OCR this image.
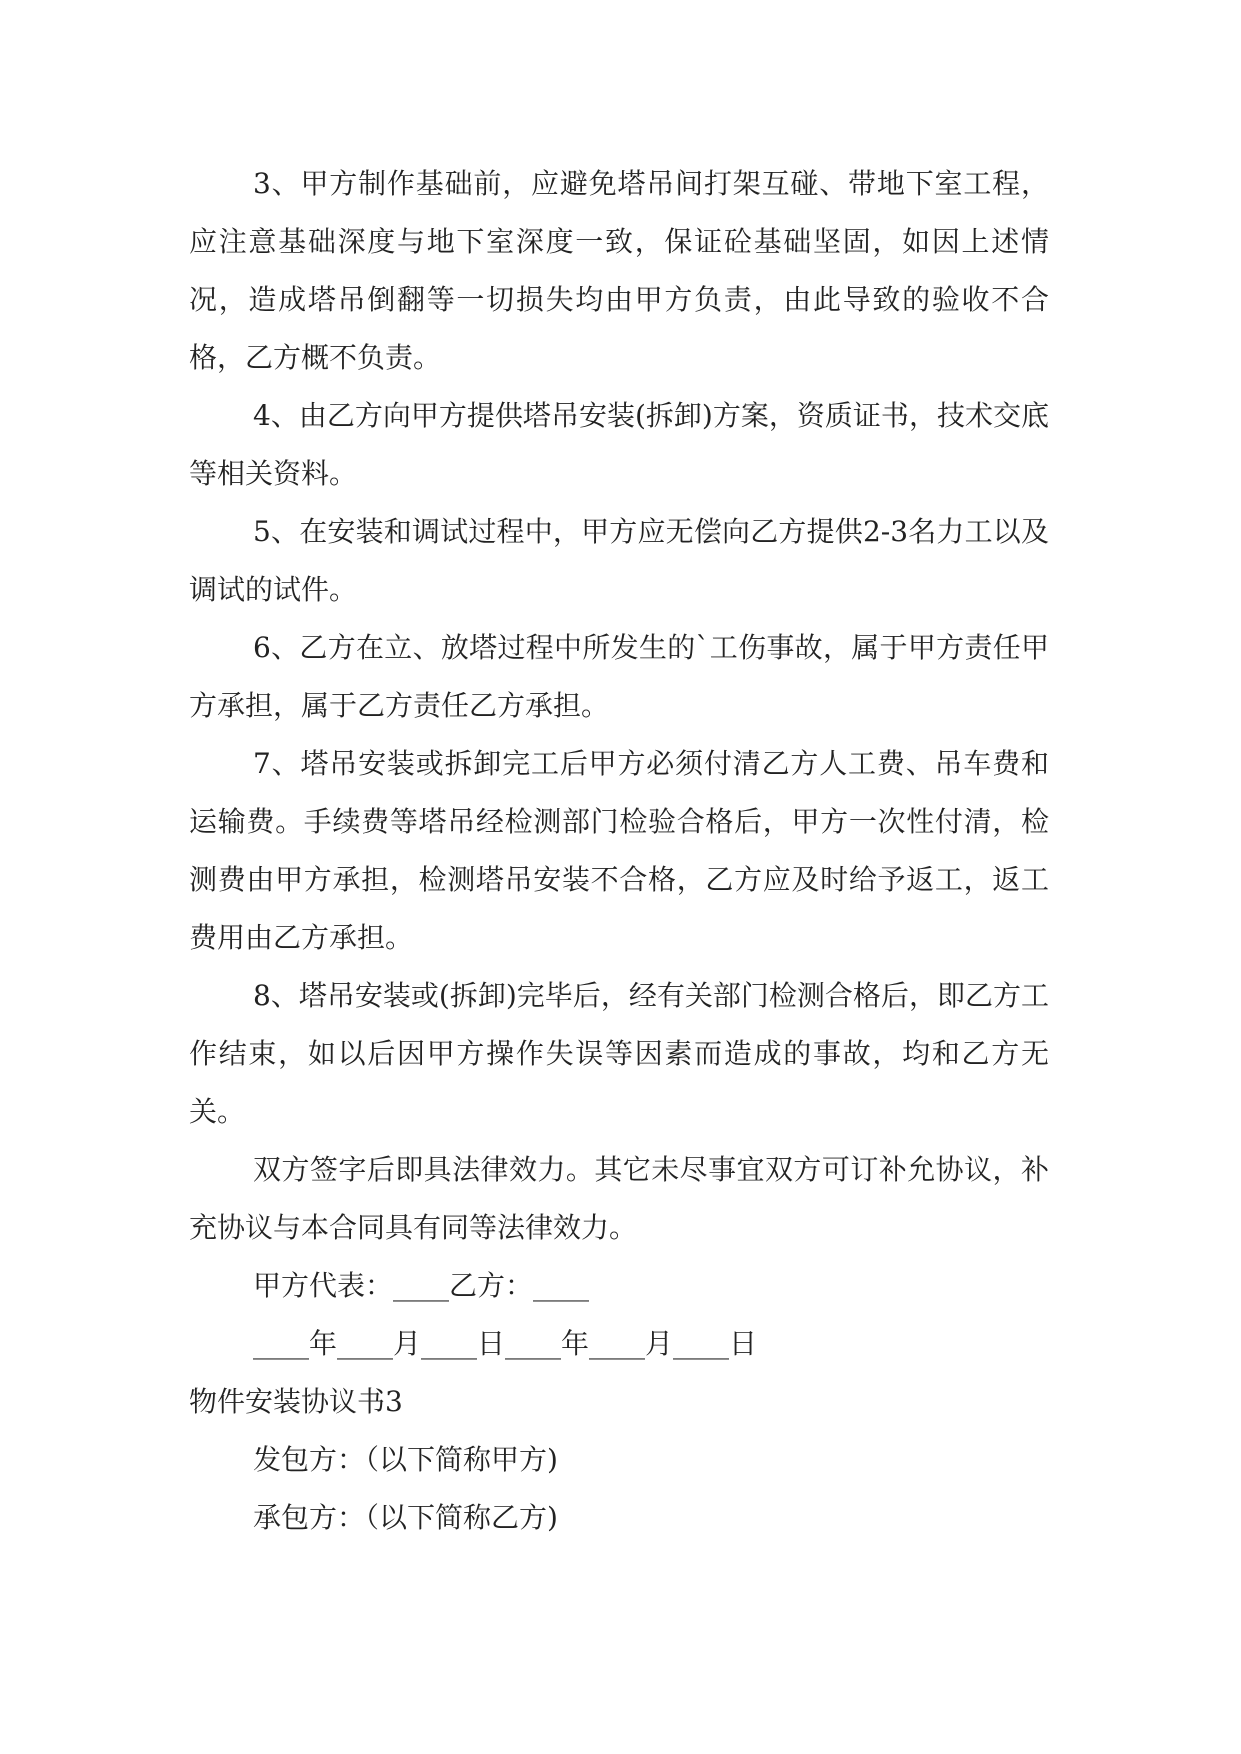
3、甲方制作基础前，应避免塔吊间打架互碰、带地下室工程，应注意基础深度与地下室深度一致，保证砼基础坚固，如因上述情况，造成塔吊倒翻等一切损失均由甲方负责，由此导致的验收不合格，乙方概不负责。

4、由乙方向甲方提供塔吊安装(拆卸)方案，资质证书，技术交底等相关资料。

5、在安装和调试过程中，甲方应无偿向乙方提供2-3名力工以及调试的试件。

6、乙方在立、放塔过程中所发生的`工伤事故，属于甲方责任甲方承担，属于乙方责任乙方承担。

7、塔吊安装或拆卸完工后甲方必须付清乙方人工费、吊车费和运输费。手续费等塔吊经检测部门检验合格后，甲方一次性付清，检测费由甲方承担，检测塔吊安装不合格，乙方应及时给予返工，返工费用由乙方承担。

8、塔吊安装或(拆卸)完毕后，经有关部门检测合格后，即乙方工作结束，如以后因甲方操作失误等因素而造成的事故，均和乙方无关。

双方签字后即具法律效力。其它未尽事宜双方可订补允协议，补充协议与本合同具有同等法律效力。

甲方代表：____乙方：____

____年____月____日____年____月____日

物件安装协议书3

发包方：（以下简称甲方)

承包方：（以下简称乙方)
